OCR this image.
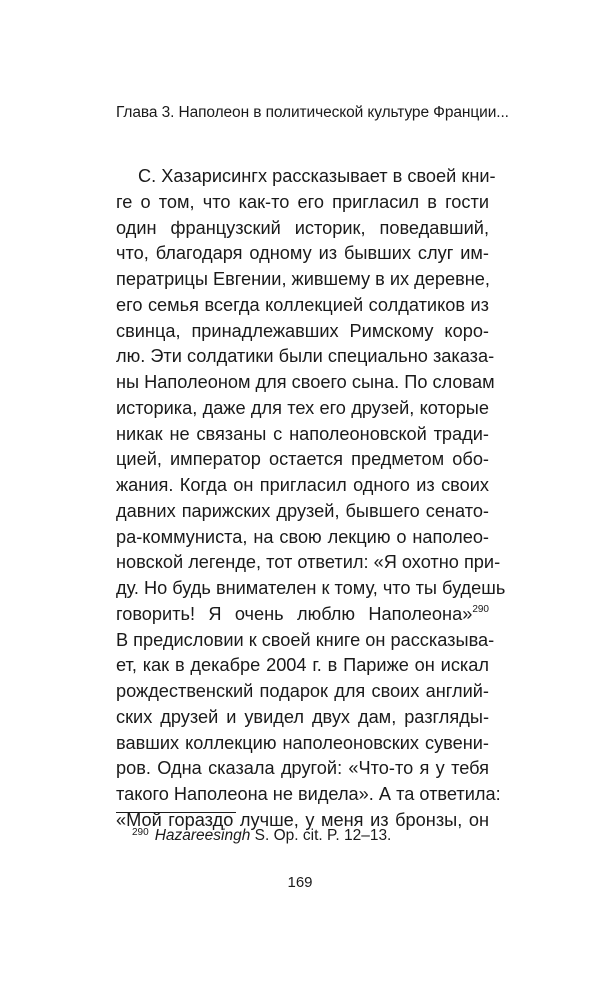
Глава 3. Наполеон в политической культуре Франции...
С. Хазарисингх рассказывает в своей кни-
ге о том, что как-то его пригласил в гости
один французский историк, поведавший,
что, благодаря одному из бывших слуг им-
ператрицы Евгении, жившему в их деревне,
его семья всегда коллекцией солдатиков из
свинца, принадлежавших Римскому коро-
лю. Эти солдатики были специально заказа-
ны Наполеоном для своего сына. По словам
историка, даже для тех его друзей, которые
никак не связаны с наполеоновской тради-
цией, император остается предметом обо-
жания. Когда он пригласил одного из своих
давних парижских друзей, бывшего сенато-
ра-коммуниста, на свою лекцию о наполео-
новской легенде, тот ответил: «Я охотно при-
ду. Но будь внимателен к тому, что ты будешь
говорить! Я очень люблю Наполеона»$^{290}$
В предисловии к своей книге он рассказыва-
ет, как в декабре 2004 г. в Париже он искал
рождественский подарок для своих англий-
ских друзей и увидел двух дам, разгляды-
вавших коллекцию наполеоновских сувени-
ров. Одна сказала другой: «Что-то я у тебя
такого Наполеона не видела». А та ответила:
«Мой гораздо лучше, у меня из бронзы, он
$^{290}$ Hazareesingh S. Op. cit. P. 12–13.
169
